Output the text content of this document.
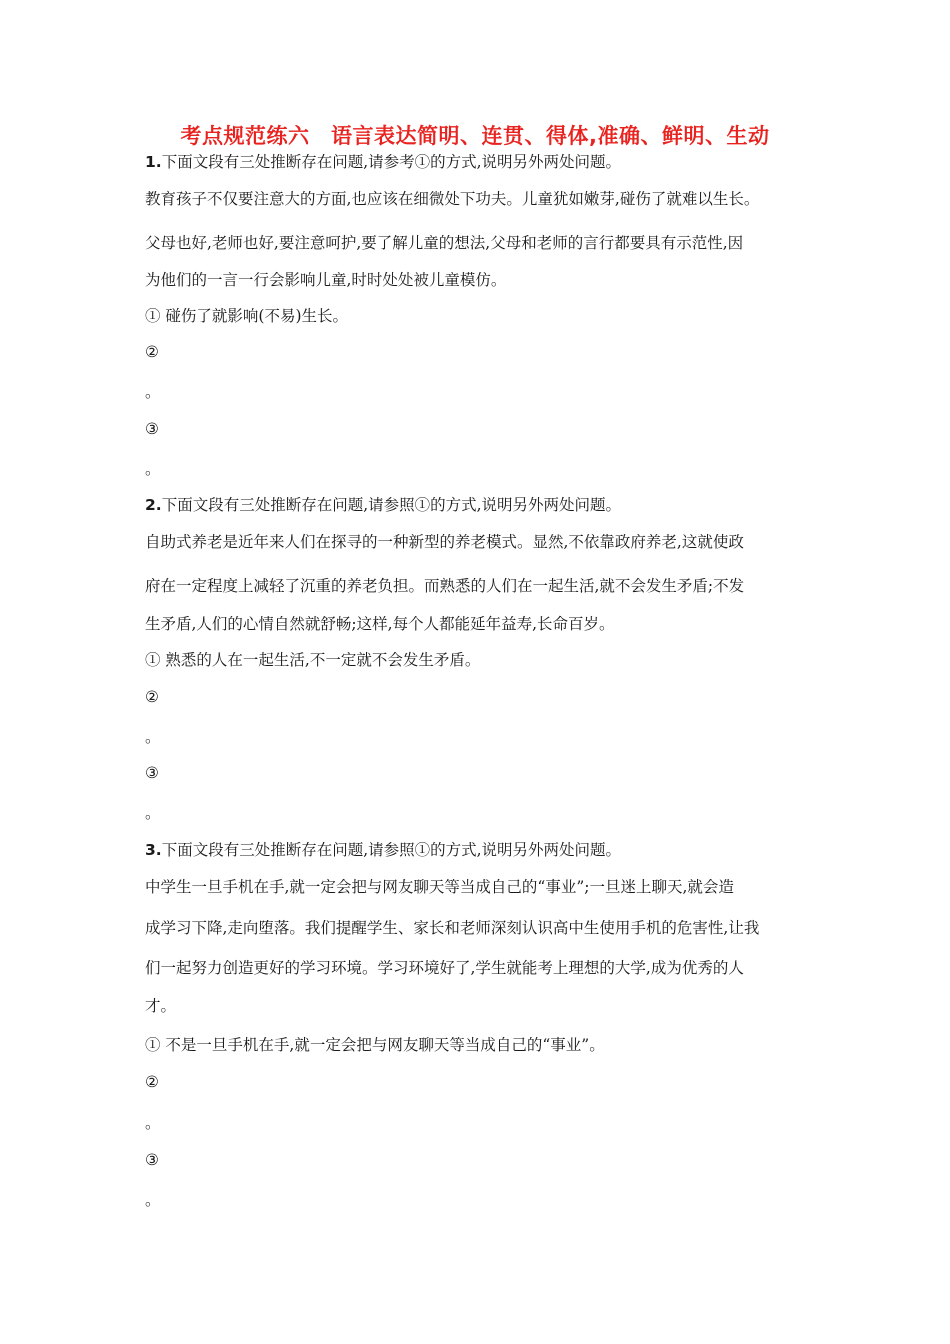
考点规范练六　语言表达简明、连贯、得体,准确、鲜明、生动
1.下面文段有三处推断存在问题,请参考①的方式,说明另外两处问题。
教育孩子不仅要注意大的方面,也应该在细微处下功夫。儿童犹如嫩芽,碰伤了就难以生长。
父母也好,老师也好,要注意呵护,要了解儿童的想法,父母和老师的言行都要具有示范性,因
为他们的一言一行会影响儿童,时时处处被儿童模仿。
① 碰伤了就影响(不易)生长。
②
。
③
。
2.下面文段有三处推断存在问题,请参照①的方式,说明另外两处问题。
自助式养老是近年来人们在探寻的一种新型的养老模式。显然,不依靠政府养老,这就使政
府在一定程度上减轻了沉重的养老负担。而熟悉的人们在一起生活,就不会发生矛盾;不发
生矛盾,人们的心情自然就舒畅;这样,每个人都能延年益寿,长命百岁。
① 熟悉的人在一起生活,不一定就不会发生矛盾。
②
。
③
。
3.下面文段有三处推断存在问题,请参照①的方式,说明另外两处问题。
中学生一旦手机在手,就一定会把与网友聊天等当成自己的“事业”;一旦迷上聊天,就会造
成学习下降,走向堕落。我们提醒学生、家长和老师深刻认识高中生使用手机的危害性,让我
们一起努力创造更好的学习环境。学习环境好了,学生就能考上理想的大学,成为优秀的人
才。
① 不是一旦手机在手,就一定会把与网友聊天等当成自己的“事业”。
②
。
③
。
